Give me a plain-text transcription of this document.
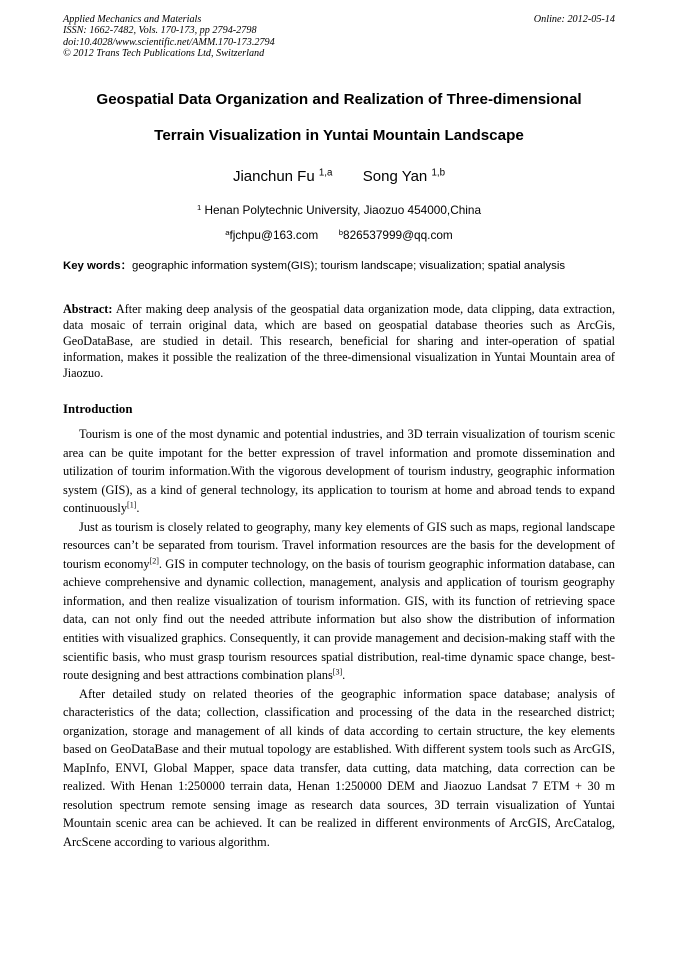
Applied Mechanics and Materials
ISSN: 1662-7482, Vols. 170-173, pp 2794-2798
doi:10.4028/www.scientific.net/AMM.170-173.2794
© 2012 Trans Tech Publications Ltd, Switzerland
Online: 2012-05-14
Geospatial Data Organization and Realization of Three-dimensional
Terrain Visualization in Yuntai Mountain Landscape
Jianchun Fu $^{1,a}$ Song Yan $^{1,b}$
$^1$ Henan Polytechnic University, Jiaozuo 454000,China
$^a$fjchpu@163.com	$^b$826537999@qq.com
Key words：geographic information system(GIS); tourism landscape; visualization; spatial analysis
Abstract: After making deep analysis of the geospatial data organization mode, data clipping, data extraction, data mosaic of terrain original data, which are based on geospatial database theories such as ArcGis, GeoDataBase, are studied in detail. This research, beneficial for sharing and inter-operation of spatial information, makes it possible the realization of the three-dimensional visualization in Yuntai Mountain area of Jiaozuo.
Introduction

Tourism is one of the most dynamic and potential industries, and 3D terrain visualization of tourism scenic area can be quite impotant for the better expression of travel information and promote dissemination and utilization of tourim information.With the vigorous development of tourism industry, geographic information system (GIS), as a kind of general technology, its application to tourism at home and abroad tends to expand continuously[1].

Just as tourism is closely related to geography, many key elements of GIS such as maps, regional landscape resources can’t be separated from tourism. Travel information resources are the basis for the development of tourism economy[2]. GIS in computer technology, on the basis of tourism geographic information database, can achieve comprehensive and dynamic collection, management, analysis and application of tourism geography information, and then realize visualization of tourism information. GIS, with its function of retrieving space data, can not only find out the needed attribute information but also show the distribution of information entities with visualized graphics. Consequently, it can provide management and decision-making staff with the scientific basis, who must grasp tourism resources spatial distribution, real-time dynamic space change, best-route designing and best attractions combination plans[3].

After detailed study on related theories of the geographic information space database; analysis of characteristics of the data; collection, classification and processing of the data in the researched district; organization, storage and management of all kinds of data according to certain structure, the key elements based on GeoDataBase and their mutual topology are established. With different system tools such as ArcGIS, MapInfo, ENVI, Global Mapper, space data transfer, data cutting, data matching, data correction can be realized. With Henan 1:250000 terrain data, Henan 1:250000 DEM and Jiaozuo Landsat 7 ETM + 30 m resolution spectrum remote sensing image as research data sources, 3D terrain visualization of Yuntai Mountain scenic area can be achieved. It can be realized in different environments of ArcGIS, ArcCatalog, ArcScene according to various algorithm.
